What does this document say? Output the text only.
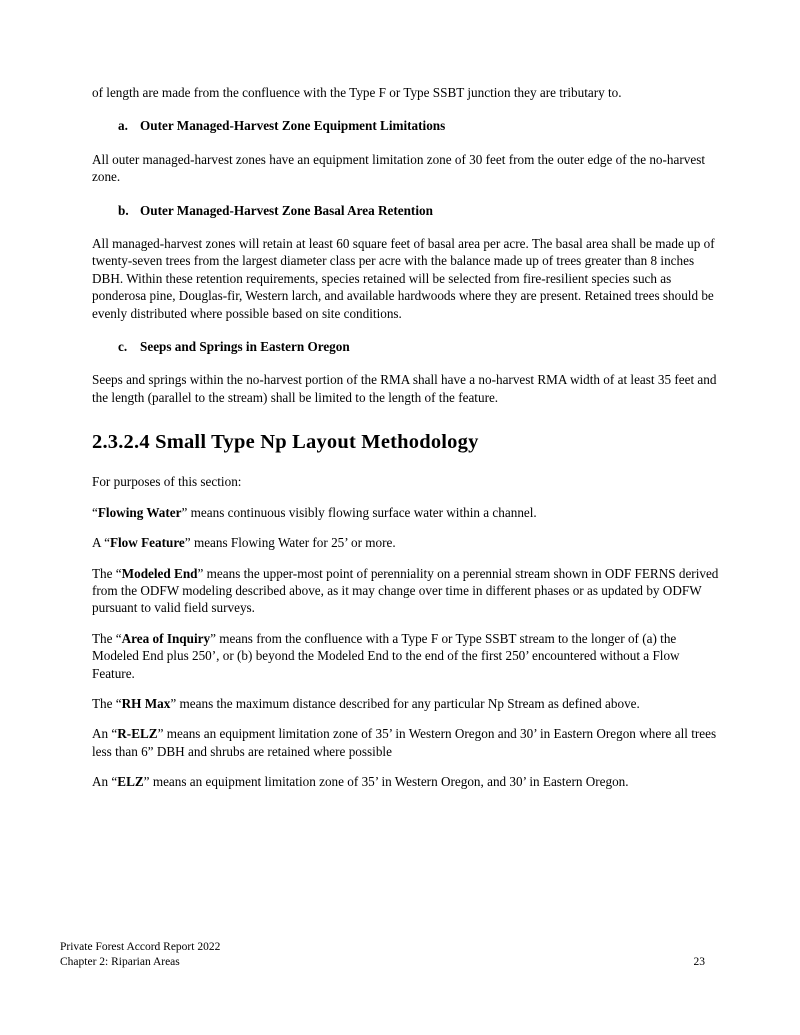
of length are made from the confluence with the Type F or Type SSBT junction they are tributary to.

a. Outer Managed-Harvest Zone Equipment Limitations

All outer managed-harvest zones have an equipment limitation zone of 30 feet from the outer edge of the no-harvest zone.

b. Outer Managed-Harvest Zone Basal Area Retention

All managed-harvest zones will retain at least 60 square feet of basal area per acre. The basal area shall be made up of twenty-seven trees from the largest diameter class per acre with the balance made up of trees greater than 8 inches DBH. Within these retention requirements, species retained will be selected from fire-resilient species such as ponderosa pine, Douglas-fir, Western larch, and available hardwoods where they are present. Retained trees should be evenly distributed where possible based on site conditions.

c. Seeps and Springs in Eastern Oregon

Seeps and springs within the no-harvest portion of the RMA shall have a no-harvest RMA width of at least 35 feet and the length (parallel to the stream) shall be limited to the length of the feature.

2.3.2.4 Small Type Np Layout Methodology

For purposes of this section:

“Flowing Water” means continuous visibly flowing surface water within a channel.

A “Flow Feature” means Flowing Water for 25’ or more.

The “Modeled End” means the upper-most point of perenniality on a perennial stream shown in ODF FERNS derived from the ODFW modeling described above, as it may change over time in different phases or as updated by ODFW pursuant to valid field surveys.

The “Area of Inquiry” means from the confluence with a Type F or Type SSBT stream to the longer of (a) the Modeled End plus 250’, or (b) beyond the Modeled End to the end of the first 250’ encountered without a Flow Feature.

The “RH Max” means the maximum distance described for any particular Np Stream as defined above.

An “R-ELZ” means an equipment limitation zone of 35’ in Western Oregon and 30’ in Eastern Oregon where all trees less than 6” DBH and shrubs are retained where possible

An “ELZ” means an equipment limitation zone of 35’ in Western Oregon, and 30’ in Eastern Oregon.

Private Forest Accord Report 2022
Chapter 2: Riparian Areas	23
